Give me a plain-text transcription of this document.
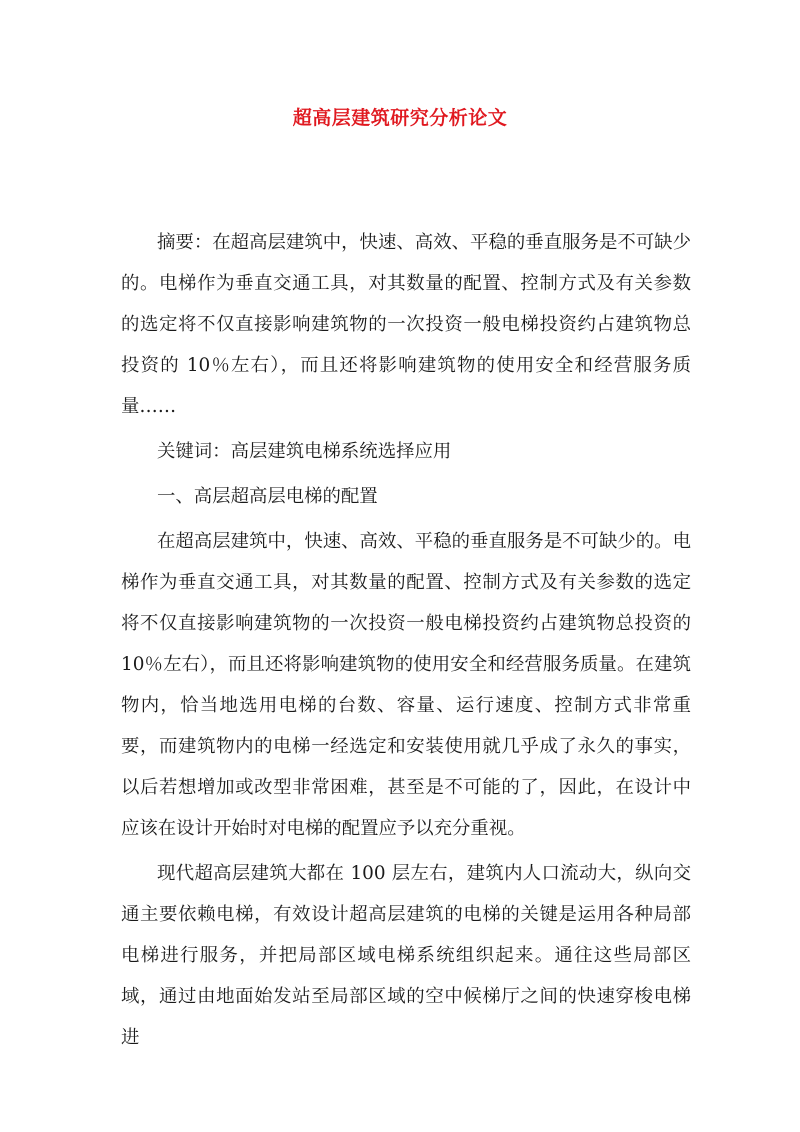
超高层建筑研究分析论文

摘要：在超高层建筑中，快速、高效、平稳的垂直服务是不可缺少的。电梯作为垂直交通工具，对其数量的配置、控制方式及有关参数的选定将不仅直接影响建筑物的一次投资一般电梯投资约占建筑物总投资的 10％左右），而且还将影响建筑物的使用安全和经营服务质量……

关键词：高层建筑电梯系统选择应用

一、高层超高层电梯的配置

在超高层建筑中，快速、高效、平稳的垂直服务是不可缺少的。电梯作为垂直交通工具，对其数量的配置、控制方式及有关参数的选定将不仅直接影响建筑物的一次投资一般电梯投资约占建筑物总投资的 10％左右），而且还将影响建筑物的使用安全和经营服务质量。在建筑物内，恰当地选用电梯的台数、容量、运行速度、控制方式非常重要，而建筑物内的电梯一经选定和安装使用就几乎成了永久的事实，以后若想增加或改型非常困难，甚至是不可能的了，因此，在设计中应该在设计开始时对电梯的配置应予以充分重视。

现代超高层建筑大都在 100 层左右，建筑内人口流动大，纵向交通主要依赖电梯，有效设计超高层建筑的电梯的关键是运用各种局部电梯进行服务，并把局部区域电梯系统组织起来。通往这些局部区域，通过由地面始发站至局部区域的空中候梯厅之间的快速穿梭电梯进
